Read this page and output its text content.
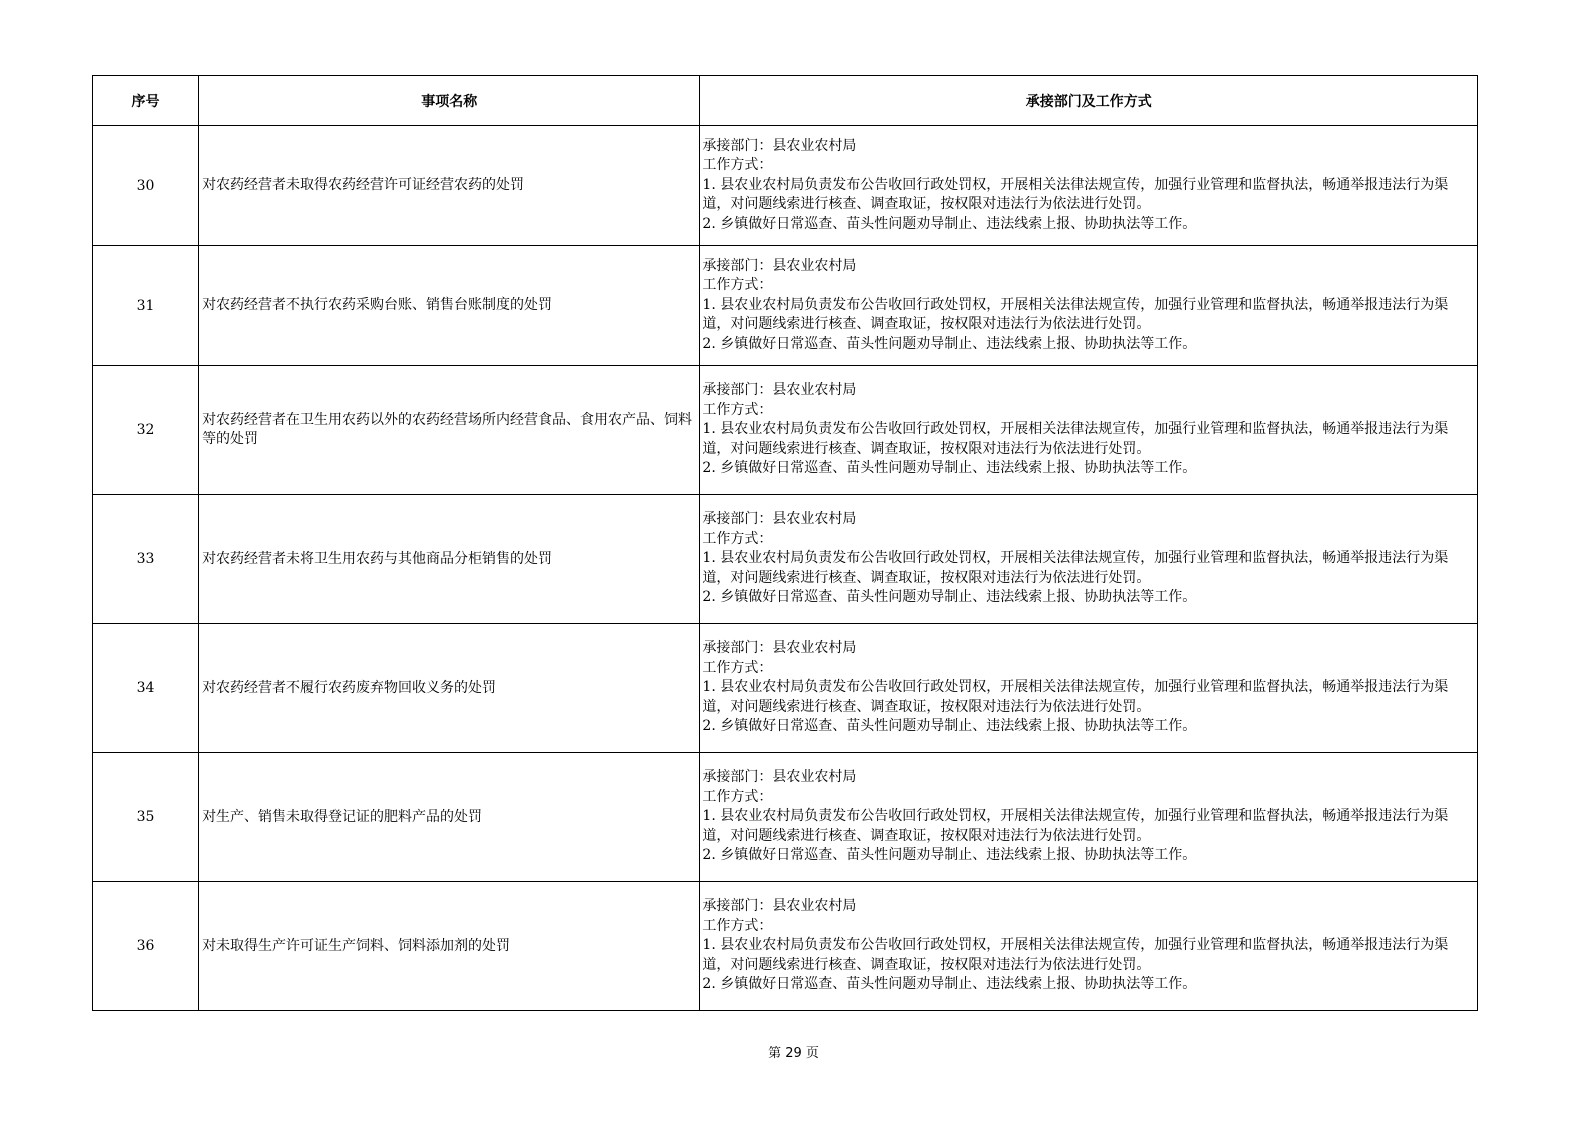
序号	事项名称	承接部门及工作方式
30	对农药经营者未取得农药经营许可证经营农药的处罚	承接部门：县农业农村局
工作方式：
1. 县农业农村局负责发布公告收回行政处罚权，开展相关法律法规宣传，加强行业管理和监督执法，畅通举报违法行为渠道，对问题线索进行核查、调查取证，按权限对违法行为依法进行处罚。
2. 乡镇做好日常巡查、苗头性问题劝导制止、违法线索上报、协助执法等工作。

31	对农药经营者不执行农药采购台账、销售台账制度的处罚	承接部门：县农业农村局
工作方式：
1. 县农业农村局负责发布公告收回行政处罚权，开展相关法律法规宣传，加强行业管理和监督执法，畅通举报违法行为渠道，对问题线索进行核查、调查取证，按权限对违法行为依法进行处罚。
2. 乡镇做好日常巡查、苗头性问题劝导制止、违法线索上报、协助执法等工作。

32	对农药经营者在卫生用农药以外的农药经营场所内经营食品、食用农产品、饲料等的处罚	承接部门：县农业农村局
工作方式：
1. 县农业农村局负责发布公告收回行政处罚权，开展相关法律法规宣传，加强行业管理和监督执法，畅通举报违法行为渠道，对问题线索进行核查、调查取证，按权限对违法行为依法进行处罚。
2. 乡镇做好日常巡查、苗头性问题劝导制止、违法线索上报、协助执法等工作。

33	对农药经营者未将卫生用农药与其他商品分柜销售的处罚	承接部门：县农业农村局
工作方式：
1. 县农业农村局负责发布公告收回行政处罚权，开展相关法律法规宣传，加强行业管理和监督执法，畅通举报违法行为渠道，对问题线索进行核查、调查取证，按权限对违法行为依法进行处罚。
2. 乡镇做好日常巡查、苗头性问题劝导制止、违法线索上报、协助执法等工作。

34	对农药经营者不履行农药废弃物回收义务的处罚	承接部门：县农业农村局
工作方式：
1. 县农业农村局负责发布公告收回行政处罚权，开展相关法律法规宣传，加强行业管理和监督执法，畅通举报违法行为渠道，对问题线索进行核查、调查取证，按权限对违法行为依法进行处罚。
2. 乡镇做好日常巡查、苗头性问题劝导制止、违法线索上报、协助执法等工作。

35	对生产、销售未取得登记证的肥料产品的处罚	承接部门：县农业农村局
工作方式：
1. 县农业农村局负责发布公告收回行政处罚权，开展相关法律法规宣传，加强行业管理和监督执法，畅通举报违法行为渠道，对问题线索进行核查、调查取证，按权限对违法行为依法进行处罚。
2. 乡镇做好日常巡查、苗头性问题劝导制止、违法线索上报、协助执法等工作。

36	对未取得生产许可证生产饲料、饲料添加剂的处罚	承接部门：县农业农村局
工作方式：
1. 县农业农村局负责发布公告收回行政处罚权，开展相关法律法规宣传，加强行业管理和监督执法，畅通举报违法行为渠道，对问题线索进行核查、调查取证，按权限对违法行为依法进行处罚。
2. 乡镇做好日常巡查、苗头性问题劝导制止、违法线索上报、协助执法等工作。
第 29 页
